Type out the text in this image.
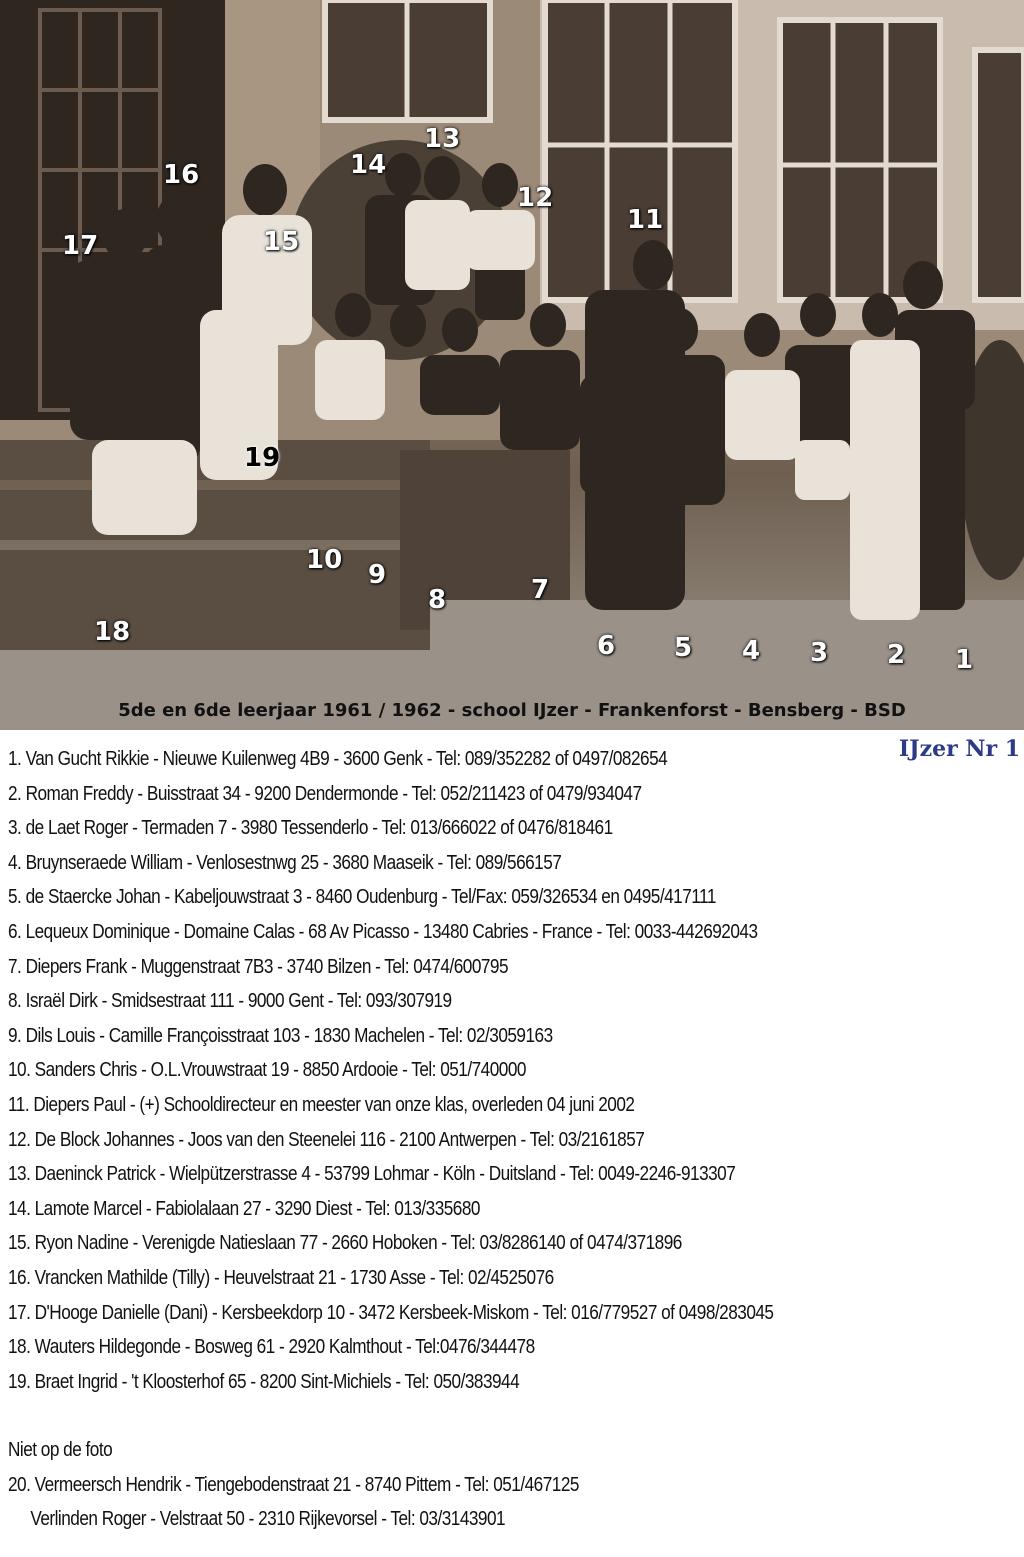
1
2
3
4
5
6
7
8
9
10
11
12
13
14
15
16
17
18
19
5de en 6de leerjaar 1961 / 1962 - school IJzer - Frankenforst - Bensberg - BSD
IJzer Nr 1
1. Van Gucht Rikkie - Nieuwe Kuilenweg 4B9 - 3600 Genk - Tel: 089/352282 of 0497/082654
2. Roman Freddy - Buisstraat 34 - 9200 Dendermonde - Tel: 052/211423 of 0479/934047
3. de Laet Roger - Termaden 7 - 3980 Tessenderlo - Tel: 013/666022 of 0476/818461
4. Bruynseraede William - Venlosestnwg 25 - 3680 Maaseik - Tel: 089/566157
5. de Staercke Johan - Kabeljouwstraat 3 - 8460 Oudenburg - Tel/Fax: 059/326534 en 0495/417111
6. Lequeux Dominique - Domaine Calas - 68 Av Picasso - 13480 Cabries - France - Tel: 0033-442692043
7. Diepers Frank - Muggenstraat 7B3 - 3740 Bilzen - Tel: 0474/600795
8. Israël Dirk - Smidsestraat 111 - 9000 Gent - Tel: 093/307919
9. Dils Louis - Camille Françoisstraat 103 - 1830 Machelen - Tel: 02/3059163
10. Sanders Chris - O.L.Vrouwstraat 19 - 8850 Ardooie - Tel: 051/740000
11. Diepers Paul - (+) Schooldirecteur en meester van onze klas, overleden 04 juni 2002
12. De Block Johannes - Joos van den Steenelei 116 - 2100 Antwerpen - Tel: 03/2161857
13. Daeninck Patrick - Wielpützerstrasse 4 - 53799 Lohmar - Köln - Duitsland - Tel: 0049-2246-913307
14. Lamote Marcel - Fabiolalaan 27 - 3290 Diest - Tel: 013/335680
15. Ryon Nadine - Verenigde Natieslaan 77 - 2660 Hoboken - Tel: 03/8286140 of 0474/371896
16. Vrancken Mathilde (Tilly) - Heuvelstraat 21 - 1730 Asse - Tel: 02/4525076
17. D'Hooge Danielle (Dani) - Kersbeekdorp 10 - 3472 Kersbeek-Miskom - Tel: 016/779527 of 0498/283045
18. Wauters Hildegonde - Bosweg 61 - 2920 Kalmthout - Tel:0476/344478
19. Braet Ingrid - 't Kloosterhof 65 - 8200 Sint-Michiels - Tel: 050/383944
Niet op de foto
20. Vermeersch Hendrik - Tiengebodenstraat 21 - 8740 Pittem - Tel: 051/467125
Verlinden Roger - Velstraat 50 - 2310 Rijkevorsel - Tel: 03/3143901
